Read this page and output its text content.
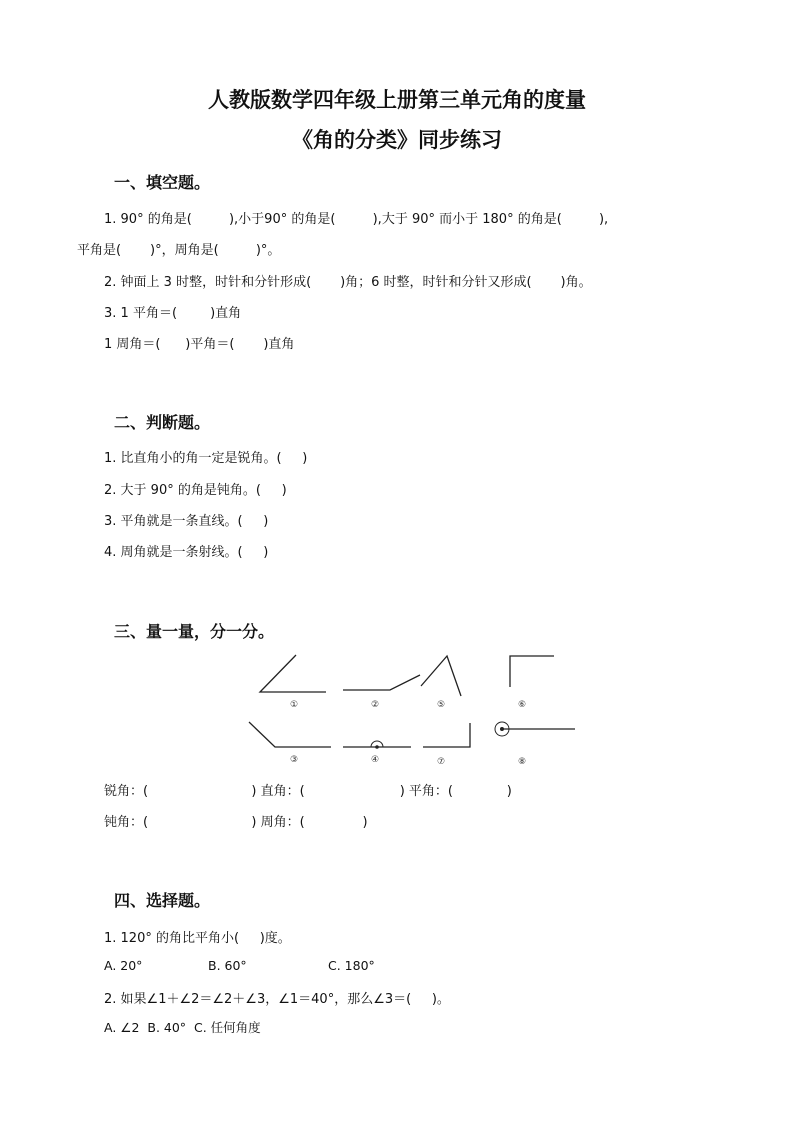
人教版数学四年级上册第三单元角的度量
《角的分类》同步练习
一、填空题。
1. 90° 的角是(         ),小于90° 的角是(         ),大于 90° 而小于 180° 的角是(         ),
平角是(       )°，周角是(         )°。
2. 钟面上 3 时整，时针和分针形成(       )角；6 时整，时针和分针又形成(       )角。
3. 1 平角＝(        )直角
1 周角＝(      )平角＝(       )直角
二、判断题。
1. 比直角小的角一定是锐角。(     )
2. 大于 90° 的角是钝角。(     )
3. 平角就是一条直线。(     )
4. 周角就是一条射线。(     )
三、量一量，分一分。
①	②	⑤	⑥
③	④	⑦	⑧
锐角：(                         ) 直角：(                       ) 平角：(             )
钝角：(                         ) 周角：(              )
四、选择题。
1. 120° 的角比平角小(     )度。
A. 20°	B. 60°	C. 180°
2. 如果∠1＋∠2＝∠2＋∠3，∠1＝40°，那么∠3＝(     )。
A. ∠2  B. 40°  C. 任何角度
